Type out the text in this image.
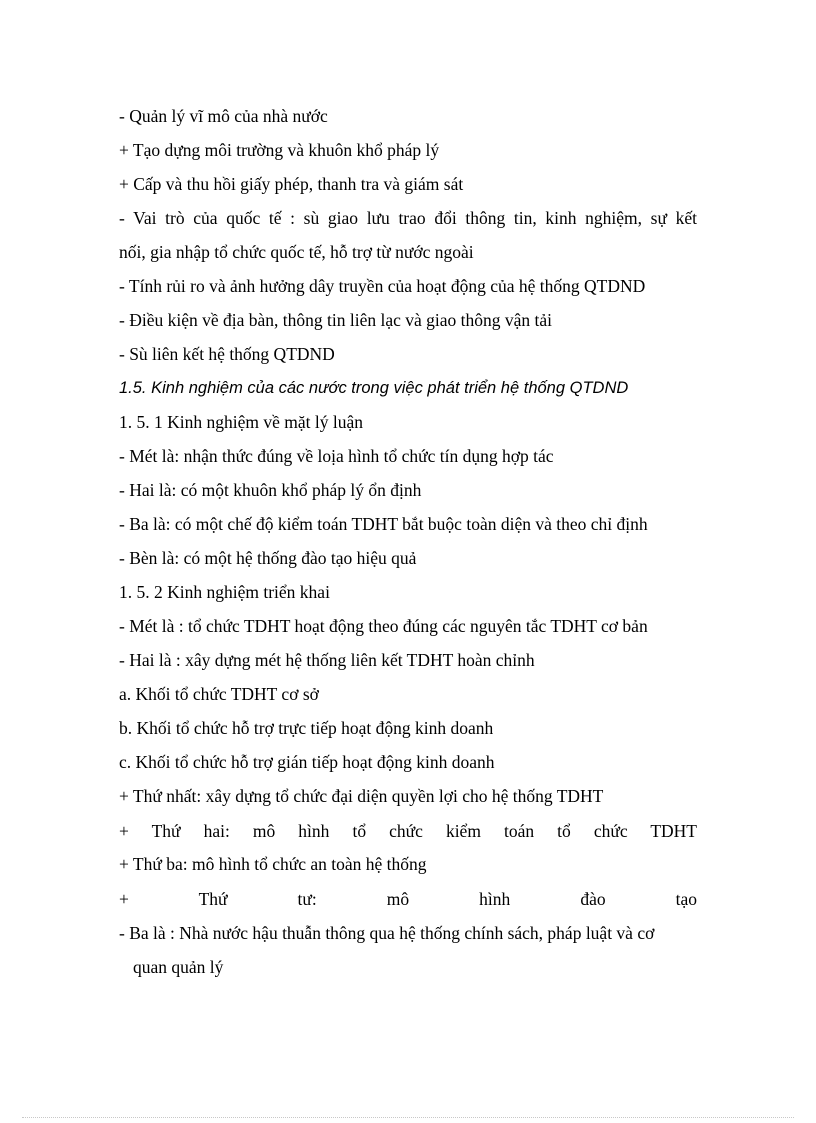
- Quản lý vĩ mô của nhà nước
+ Tạo dựng môi trường và khuôn khổ pháp lý
+ Cấp và thu hồi giấy phép, thanh tra và giám sát
- Vai trò của quốc tế : sù giao lưu trao đổi thông tin, kinh nghiệm, sự kết
nối, gia nhập tổ chức quốc tế, hỗ trợ từ nước ngoài
- Tính rủi ro và ảnh hưởng dây truyền của hoạt động của hệ thống QTDND
- Điều kiện về địa bàn, thông tin liên lạc và giao thông vận tải
- Sù liên kết hệ thống QTDND
1.5. Kinh nghiệm của các nước trong việc phát triển hệ thống QTDND
1. 5. 1 Kinh nghiệm về mặt lý luận
- Mét là: nhận thức đúng về loịa hình tổ chức tín dụng hợp tác
- Hai là: có một khuôn khổ pháp lý ổn định
- Ba là: có một chế độ kiểm toán TDHT bắt buộc toàn diện và theo chỉ định
- Bèn là: có một hệ thống đào tạo hiệu quả
1. 5. 2 Kinh nghiệm triển khai
- Mét là : tổ chức TDHT hoạt động theo đúng các nguyên tắc TDHT cơ bản
- Hai là : xây dựng mét hệ thống liên kết TDHT hoàn chỉnh
a. Khối tổ chức TDHT cơ sở
b. Khối tổ chức hỗ trợ trực tiếp hoạt động kinh doanh
c. Khối tổ chức hỗ trợ gián tiếp hoạt động kinh doanh
+ Thứ nhất: xây dựng tổ chức đại diện quyền lợi cho hệ thống TDHT
+ Thứ hai: mô hình tổ chức kiểm toán tổ chức TDHT
+ Thứ ba: mô hình tổ chức an toàn hệ thống
+ Thứ tư: mô hình đào tạo
- Ba là : Nhà nước hậu thuẫn thông qua hệ thống chính sách, pháp luật và cơ
quan quản lý
